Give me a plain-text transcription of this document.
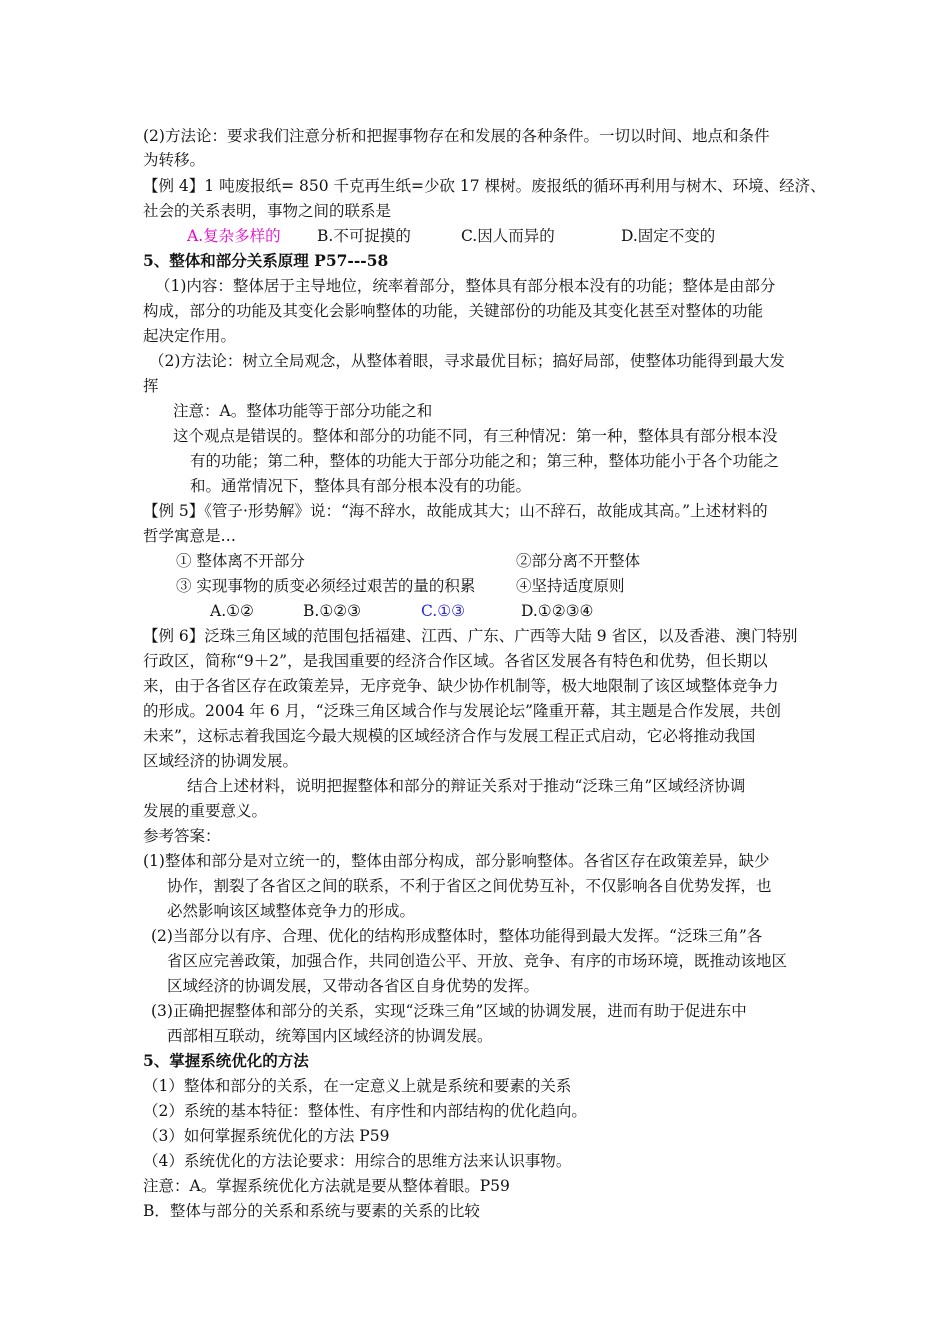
(2)方法论：要求我们注意分析和把握事物存在和发展的各种条件。一切以时间、地点和条件
为转移。
【例 4】1 吨废报纸= 850 千克再生纸=少砍 17 棵树。废报纸的循环再利用与树木、环境、经济、
社会的关系表明，事物之间的联系是
A.复杂多样的 B.不可捉摸的	C.因人而异的	D.固定不变的
5、整体和部分关系原理 P57---58
（1)内容：整体居于主导地位，统率着部分，整体具有部分根本没有的功能；整体是由部分
构成，部分的功能及其变化会影响整体的功能，关键部份的功能及其变化甚至对整体的功能
起决定作用。
（2)方法论：树立全局观念，从整体着眼，寻求最优目标；搞好局部，使整体功能得到最大发
挥
注意：A。整体功能等于部分功能之和
这个观点是错误的。整体和部分的功能不同，有三种情况：第一种，整体具有部分根本没
有的功能；第二种，整体的功能大于部分功能之和；第三种，整体功能小于各个功能之
和。通常情况下，整体具有部分根本没有的功能。
【例 5】《管子·形势解》说：“海不辞水，故能成其大；山不辞石，故能成其高。”上述材料的
哲学寓意是…
① 整体离不开部分	②部分离不开整体
③ 实现事物的质变必须经过艰苦的量的积累	④坚持适度原则
A.①②	B.①②③	C.①③	D.①②③④
【例 6】泛珠三角区域的范围包括福建、江西、广东、广西等大陆 9 省区，以及香港、澳门特别
行政区，简称“9＋2”，是我国重要的经济合作区域。各省区发展各有特色和优势，但长期以
来，由于各省区存在政策差异，无序竞争、缺少协作机制等，极大地限制了该区域整体竞争力
的形成。2004 年 6 月，“泛珠三角区域合作与发展论坛”隆重开幕，其主题是合作发展，共创
未来”，这标志着我国迄今最大规模的区域经济合作与发展工程正式启动，它必将推动我国
区域经济的协调发展。
结合上述材料，说明把握整体和部分的辩证关系对于推动“泛珠三角”区域经济协调
发展的重要意义。
参考答案：
(1)整体和部分是对立统一的，整体由部分构成，部分影响整体。各省区存在政策差异，缺少
协作，割裂了各省区之间的联系，不利于省区之间优势互补，不仅影响各自优势发挥，也
必然影响该区域整体竞争力的形成。
(2)当部分以有序、合理、优化的结构形成整体时，整体功能得到最大发挥。“泛珠三角”各
省区应完善政策，加强合作，共同创造公平、开放、竞争、有序的市场环境，既推动该地区
区域经济的协调发展，又带动各省区自身优势的发挥。
(3)正确把握整体和部分的关系，实现“泛珠三角”区域的协调发展，进而有助于促进东中
西部相互联动，统筹国内区域经济的协调发展。
5、掌握系统优化的方法
（1）整体和部分的关系，在一定意义上就是系统和要素的关系
（2）系统的基本特征：整体性、有序性和内部结构的优化趋向。
（3）如何掌握系统优化的方法 P59
（4）系统优化的方法论要求：用综合的思维方法来认识事物。
注意：A。掌握系统优化方法就是要从整体着眼。P59
B．整体与部分的关系和系统与要素的关系的比较
